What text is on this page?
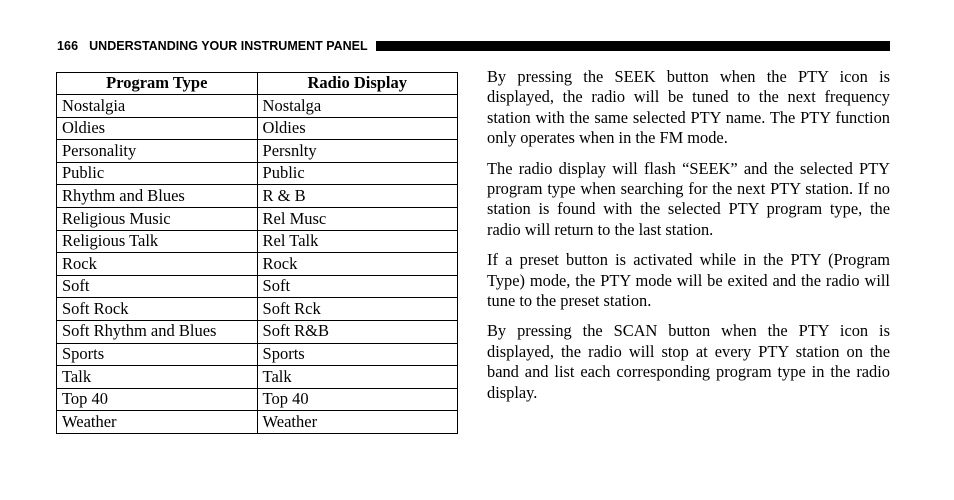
166 UNDERSTANDING YOUR INSTRUMENT PANEL
Program Type	Radio Display
Nostalgia	Nostalga
Oldies	Oldies
Personality	Persnlty
Public	Public
Rhythm and Blues	R & B
Religious Music	Rel Musc
Religious Talk	Rel Talk
Rock	Rock
Soft	Soft
Soft Rock	Soft Rck
Soft Rhythm and Blues	Soft R&B
Sports	Sports
Talk	Talk
Top 40	Top 40
Weather	Weather

By pressing the SEEK button when the PTY icon is displayed, the radio will be tuned to the next frequency station with the same selected PTY name. The PTY function only operates when in the FM mode.

The radio display will flash “SEEK” and the selected PTY program type when searching for the next PTY station. If no station is found with the selected PTY program type, the radio will return to the last station.

If a preset button is activated while in the PTY (Program Type) mode, the PTY mode will be exited and the radio will tune to the preset station.

By pressing the SCAN button when the PTY icon is displayed, the radio will stop at every PTY station on the band and list each corresponding program type in the radio display.
